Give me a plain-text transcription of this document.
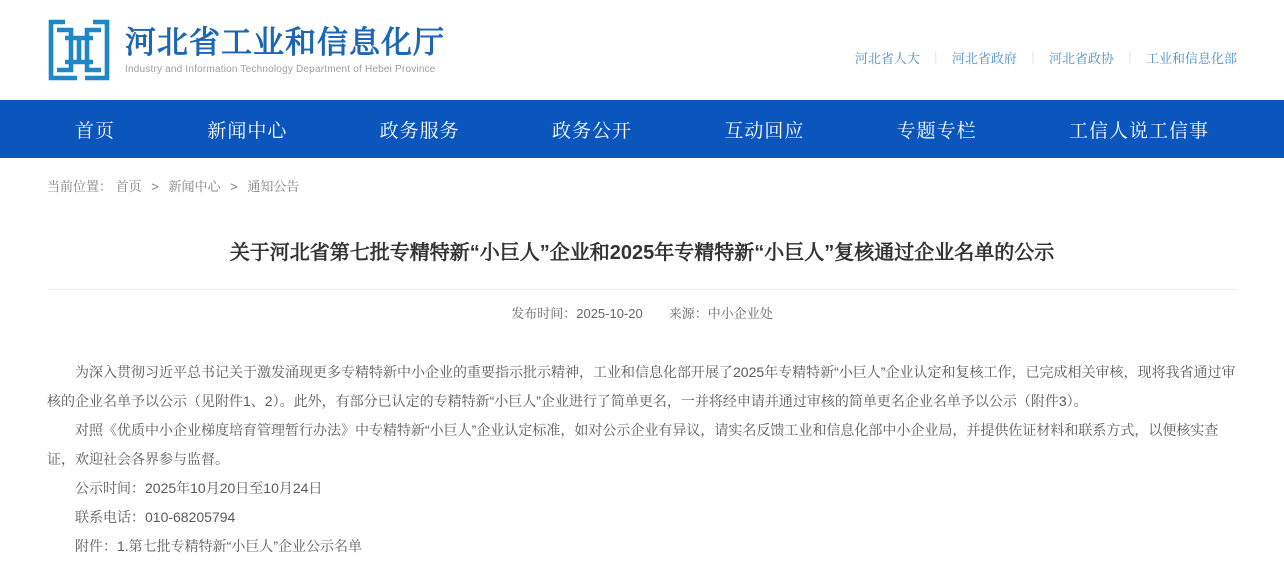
河北省工业和信息化厅
Industry and Information Technology Department of Hebei Province
河北省人大 ｜ 河北省政府 ｜ 河北省政协 ｜ 工业和信息化部
首页	新闻中心	政务服务	政务公开	互动回应	专题专栏	工信人说工信事
当前位置： 首页 > 新闻中心 > 通知公告
关于河北省第七批专精特新“小巨人”企业和2025年专精特新“小巨人”复核通过企业名单的公示
发布时间：2025-10-20 来源：中小企业处

为深入贯彻习近平总书记关于激发涌现更多专精特新中小企业的重要指示批示精神，工业和信息化部开展了2025年专精特新“小巨人”企业认定和复核工作，已完成相关审核，现将我省通过审核的企业名单予以公示（见附件1、2）。此外，有部分已认定的专精特新“小巨人”企业进行了简单更名，一并将经申请并通过审核的简单更名企业名单予以公示（附件3）。

对照《优质中小企业梯度培育管理暂行办法》中专精特新“小巨人”企业认定标准，如对公示企业有异议，请实名反馈工业和信息化部中小企业局，并提供佐证材料和联系方式，以便核实查证，欢迎社会各界参与监督。

公示时间：2025年10月20日至10月24日

联系电话：010-68205794

附件：1.第七批专精特新“小巨人”企业公示名单
